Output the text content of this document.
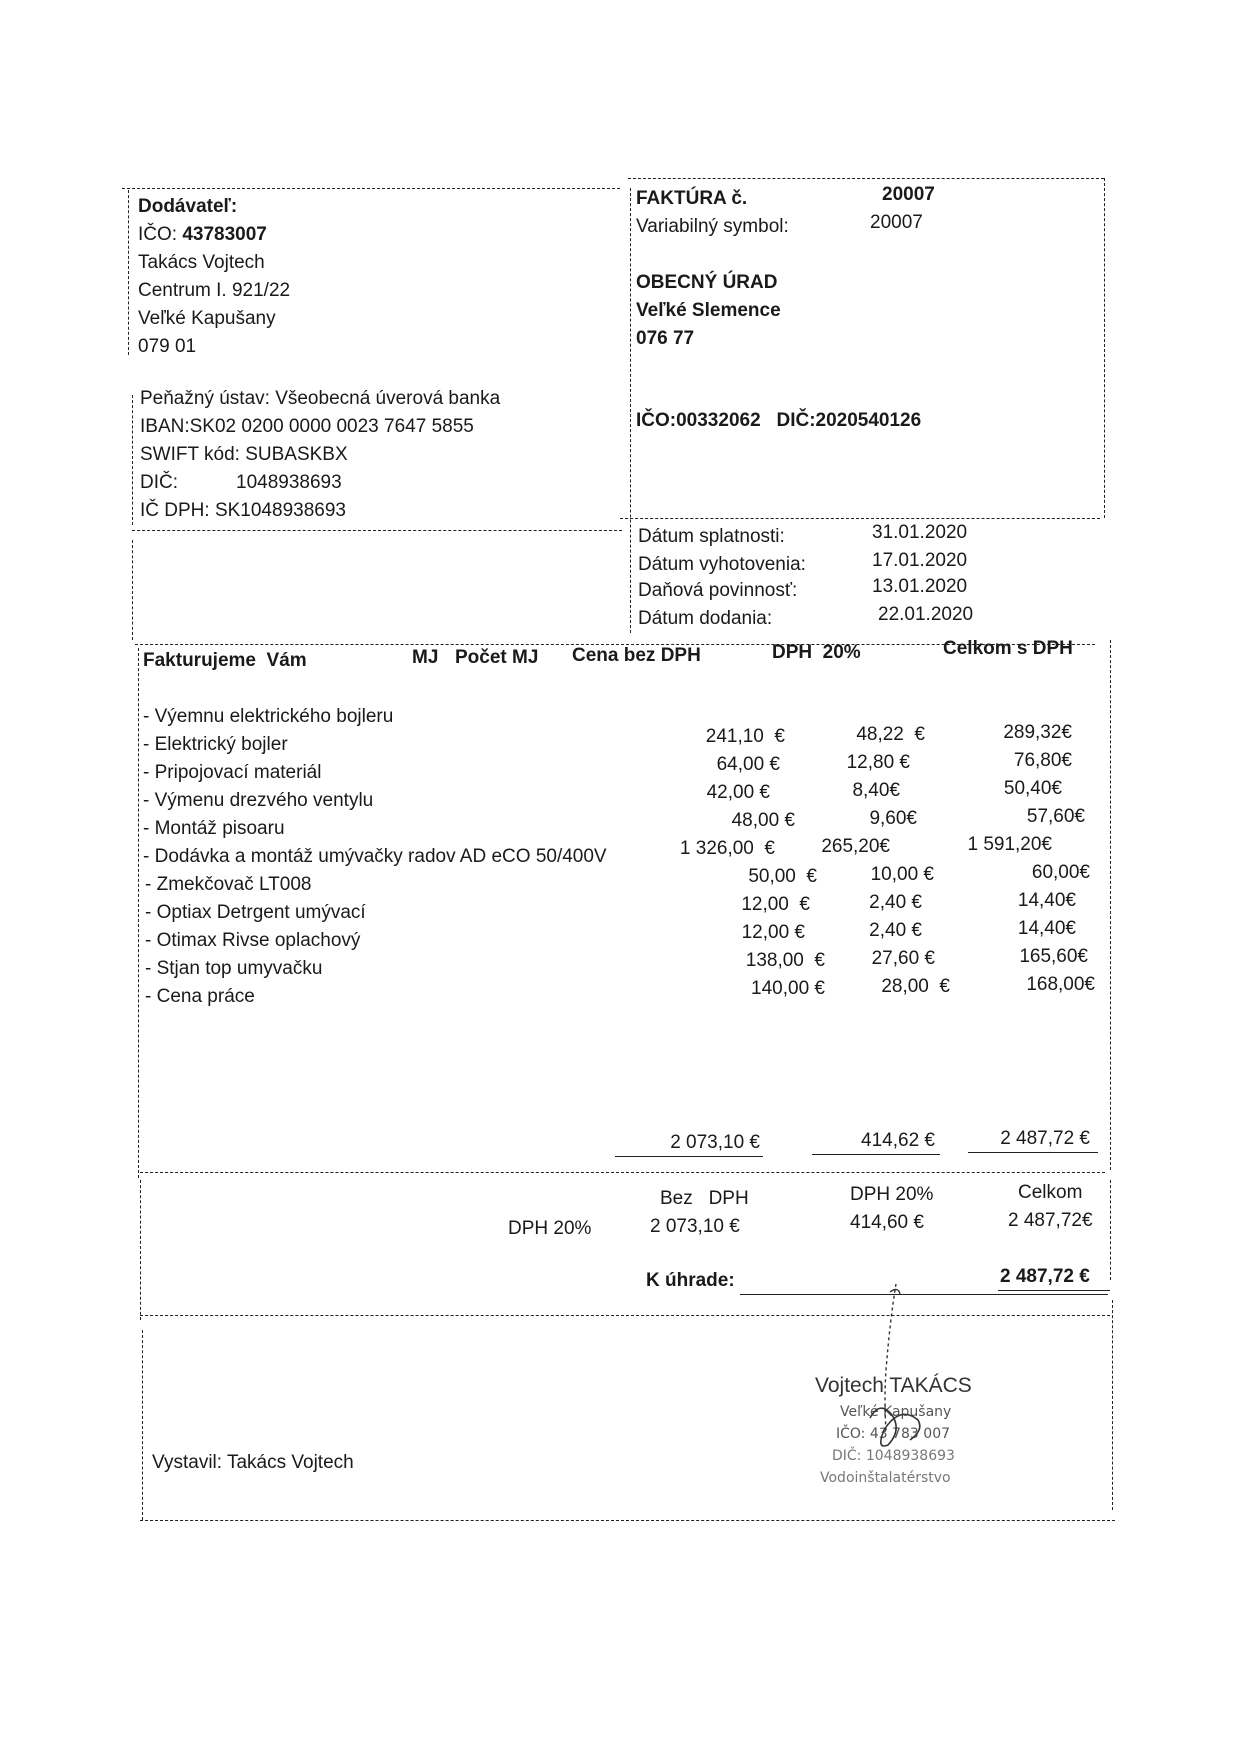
Dodávateľ:
IČO: 43783007
Takács Vojtech
Centrum I. 921/22
Veľké Kapušany
079 01
Peňažný ústav: Všeobecná úverová banka
IBAN:SK02 0200 0000 0023 7647 5855
SWIFT kód: SUBASKBX
DIČ:	1048938693
IČ DPH: SK1048938693
FAKTÚRA č.	20007
Variabilný symbol:	20007
OBECNÝ ÚRAD
Veľké Slemence
076 77
IČO:00332062   DIČ:2020540126
Dátum splatnosti:	31.01.2020
Dátum vyhotovenia:	17.01.2020
Daňová povinnosť:	13.01.2020
Dátum dodania:	22.01.2020
Fakturujeme  Vám	MJ Počet MJ Cena bez DPH	DPH  20%	Celkom s DPH
- Výemnu elektrického bojleru
- Elektrický bojler	241,10  €	48,22  €	289,32€
- Pripojovací materiál	64,00 €	12,80 €	76,80€
- Výmenu drezvého ventylu	42,00 €	8,40€	50,40€
- Montáž pisoaru	48,00 €	9,60€	57,60€
- Dodávka a montáž umývačky radov AD eCO 50/400V	1 326,00  €	265,20€	1 591,20€
- Zmekčovač LT008	50,00  €	10,00 €	60,00€
- Optiax Detrgent umývací	12,00  €	2,40 €	14,40€
- Otimax Rivse oplachový	12,00 €	2,40 €	14,40€
- Stjan top umyvačku	138,00  €	27,60 €	165,60€
- Cena práce	140,00 €	28,00  €	168,00€
2 073,10 €	414,62 €	2 487,72 €
Bez   DPH	DPH 20%	Celkom
DPH 20%	2 073,10 €	414,60 €	2 487,72€
K úhrade:	2 487,72 €
Vystavil: Takács Vojtech
Vojtech TAKÁCS
Veľké Kapušany
IČO: 43 783 007
DIČ: 1048938693
Vodoinštalatérstvo
